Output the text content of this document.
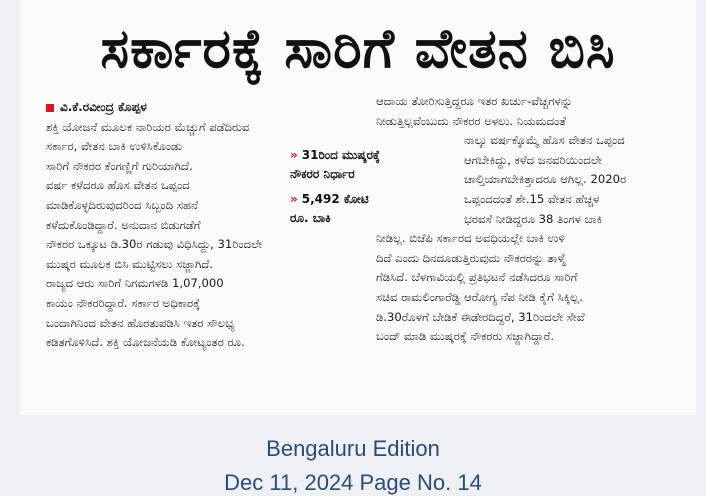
ಸರ್ಕಾರಕ್ಕೆ ಸಾರಿಗೆ ವೇತನ ಬಿಸಿ
ವಿ.ಕೆ.ರವೀಂದ್ರ ಕೊಪ್ಪಳ
ಶಕ್ತಿ ಯೋಜನೆ ಮೂಲಕ ನಾರಿಯರ ಮೆಚ್ಚುಗೆ ಪಡೆದಿರುವ
ಸರ್ಕಾರ, ವೇತನ ಬಾಕಿ ಉಳಿಸಿಕೊಂಡು
ಸಾರಿಗೆ ನೌಕರರ ಕೆಂಗಣ್ಣಿಗೆ ಗುರಿಯಾಗಿದೆ.
ವರ್ಷ ಕಳೆದರೂ ಹೊಸ ವೇತನ ಒಪ್ಪಂದ
ಮಾಡಿಕೊಳ್ಳದಿರುವುದರಿಂದ ಸಿಬ್ಬಂದಿ ಸಹನೆ
ಕಳೆದುಕೊಂಡಿದ್ದಾರೆ. ಅನುದಾನ ಬಿಡುಗಡೆಗೆ
ನೌಕರರ ಒಕ್ಕೂಟ ಡಿ.30ರ ಗಡುವು ವಿಧಿಸಿದ್ದು, 31ರಿಂದಲೇ
ಮುಷ್ಕರ ಮೂಲಕ ಬಿಸಿ ಮುಟ್ಟಿಸಲು ಸಜ್ಜಾಗಿದೆ.
ರಾಜ್ಯದ ಆರು ಸಾರಿಗೆ ನಿಗಮಗಳಡಿ 1,07,000
ಕಾಯಂ ನೌಕರರಿದ್ದಾರೆ. ಸರ್ಕಾರ ಅಧಿಕಾರಕ್ಕೆ
ಬಂದಾಗಿನಿಂದ ವೇತನ ಹೊರತುಪಡಿಸಿ ಇತರ ಸೌಲಭ್ಯ
ಕಡಿತಗೊಳಿಸಿದೆ. ಶಕ್ತಿ ಯೋಜನೆಯಡಿ ಕೋಟ್ಯಂತರ ರೂ.
» 31ರಿಂದ ಮುಷ್ಕರಕ್ಕೆ
ನೌಕರರ ನಿರ್ಧಾರ
» 5,492 ಕೋಟಿ
ರೂ. ಬಾಕಿ
ಆದಾಯ ತೋರಿಸುತ್ತಿದ್ದರೂ ಇತರ ಖರ್ಚು-ವೆಚ್ಚಗಳನ್ನು
ನೀಡುತ್ತಿಲ್ಲವೆಂಬುದು ನೌಕರರ ಅಳಲು. ನಿಯಮದಂತೆ
ನಾಲ್ಕು ವರ್ಷಕ್ಕೊಮ್ಮೆ ಹೊಸ ವೇತನ ಒಪ್ಪಂದ
ಆಗಬೇಕಿದ್ದು, ಕಳೆದ ಜನವರಿಯಿಂದಲೇ
ಚಾಲ್ತಿಯಾಗಬೇಕಿತ್ತಾದರೂ ಆಗಿಲ್ಲ. 2020ರ
ಒಪ್ಪಂದದಂತೆ ಶೇ.15 ವೇತನ ಹೆಚ್ಚಳ
ಭರವಸೆ ನೀಡಿದ್ದರೂ 38 ತಿಂಗಳ ಬಾಕಿ
ನೀಡಿಲ್ಲ. ಬಿಜೆಪಿ ಸರ್ಕಾರದ ಅವಧಿಯಲ್ಲೇ ಬಾಕಿ ಉಳಿ
ದಿದೆ ಎಂದು ದಿನದೂಡುತ್ತಿರುವುದು ನೌಕರರನ್ನು ತಾಳ್ಮೆ
ಗೆಡಿಸಿದೆ. ಬೆಳಗಾವಿಯಲ್ಲಿ ಪ್ರತಿಭಟನೆ ನಡೆಸಿದರೂ ಸಾರಿಗೆ
ಸಚಿವ ರಾಮಲಿಂಗಾರೆಡ್ಡಿ ಆರೋಗ್ಯ ನೆಪ ನೀಡಿ ಕೈಗೆ ಸಿಕ್ಕಿಲ್ಲ.
ಡಿ.30ರೊಳಗೆ ಬೇಡಿಕೆ ಈಡೇರದಿದ್ದರೆ, 31ರಿಂದಲೇ ಸೇವೆ
ಬಂದ್ ಮಾಡಿ ಮುಷ್ಕರಕ್ಕೆ ನೌಕರರು ಸಜ್ಜಾಗಿದ್ದಾರೆ.
Bengaluru Edition
Dec 11, 2024 Page No. 14
